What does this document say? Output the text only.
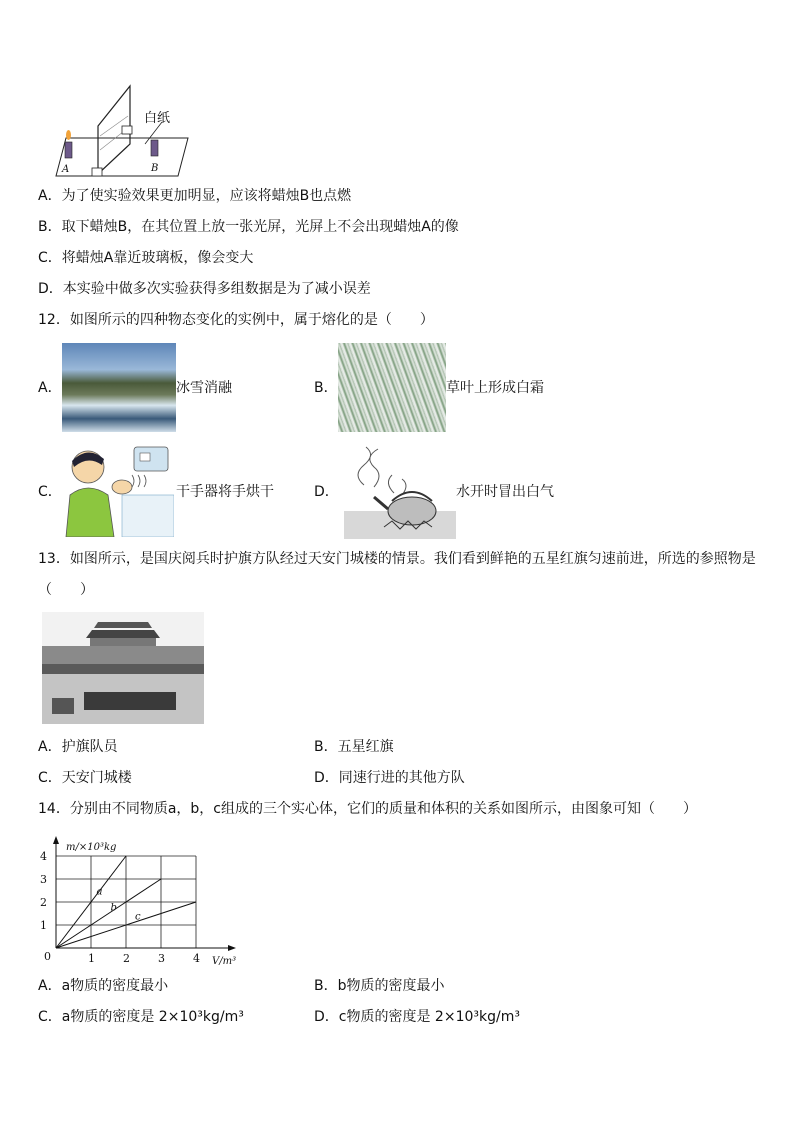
白纸
A	B
A．为了使实验效果更加明显，应该将蜡烛B也点燃
B．取下蜡烛B，在其位置上放一张光屏，光屏上不会出现蜡烛A的像
C．将蜡烛A靠近玻璃板，像会变大
D．本实验中做多次实验获得多组数据是为了减小误差
12．如图所示的四种物态变化的实例中，属于熔化的是（　　）
A．	冰雪消融	B．	草叶上形成白霜
C．	干手器将手烘干	D．	水开时冒出白气
13．如图所示，是国庆阅兵时护旗方队经过天安门城楼的情景。我们看到鲜艳的五星红旗匀速前进，所选的参照物是
（　　）
A．护旗队员	B．五星红旗
C．天安门城楼	D．同速行进的其他方队
14．分别由不同物质a，b，c组成的三个实心体，它们的质量和体积的关系如图所示，由图象可知（　　）
1
2
3
4
1	2	3	4
0
m/×10³kg
V/m³
a
b
c
A．a物质的密度最小	B．b物质的密度最小
C．a物质的密度是 2×10³kg/m³	D．c物质的密度是 2×10³kg/m³
